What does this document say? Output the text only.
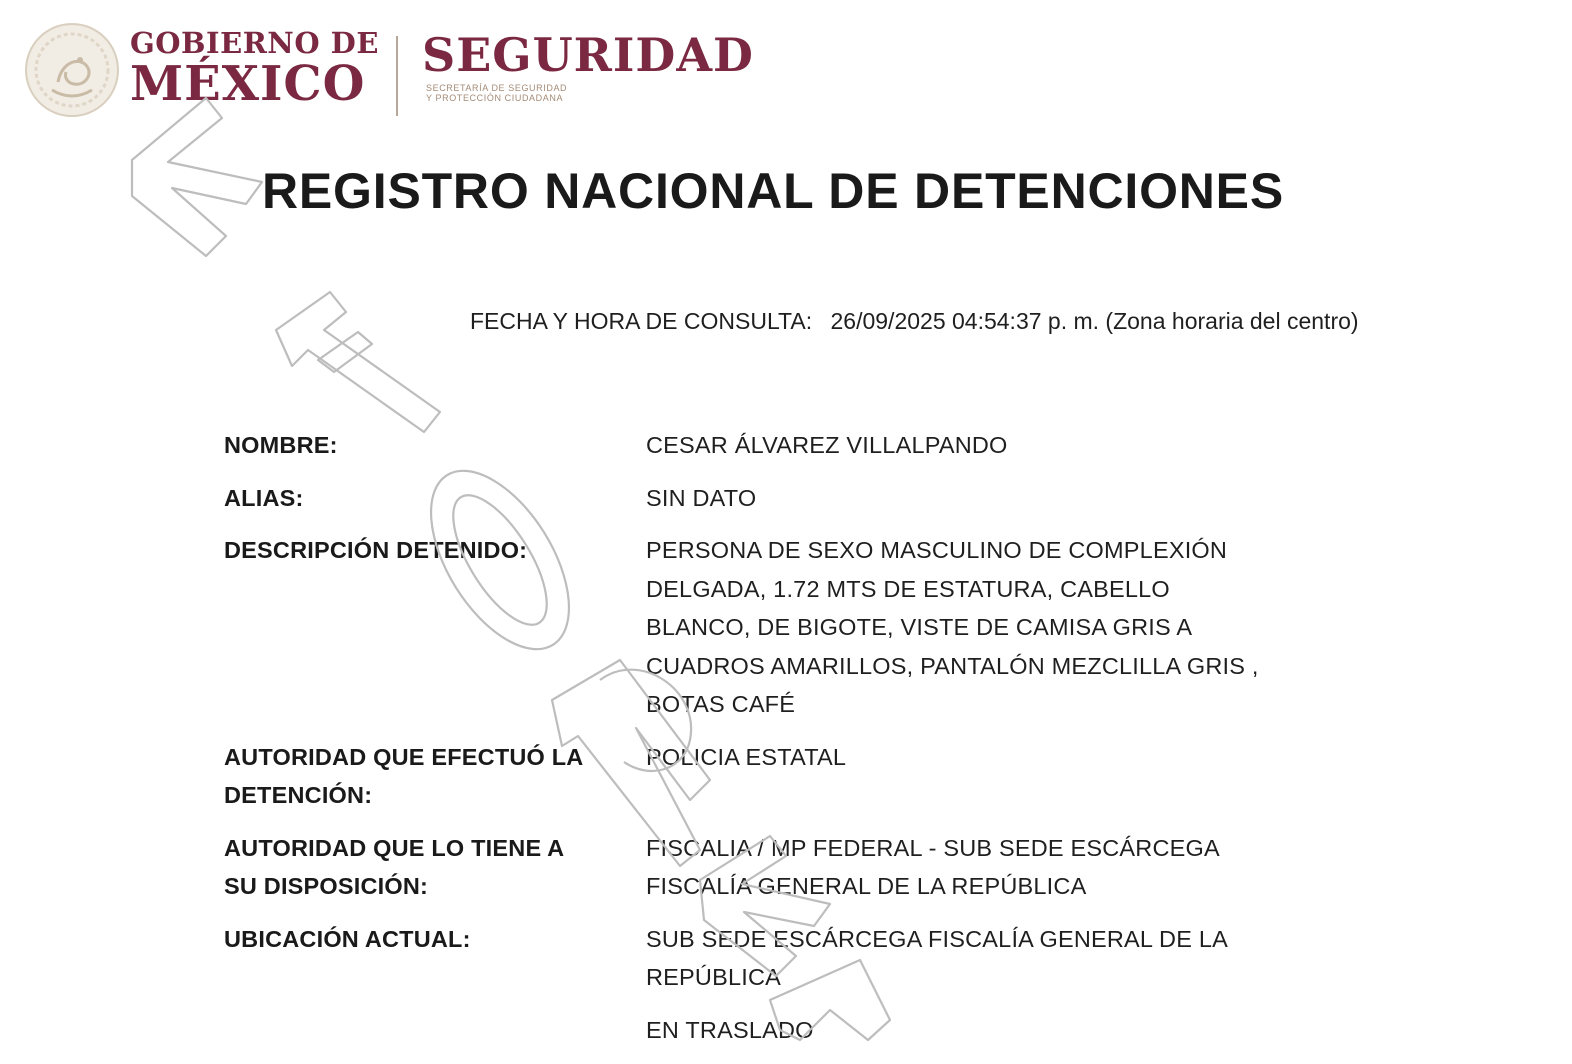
GOBIERNO DE
MÉXICO
SEGURIDAD
SECRETARÍA DE SEGURIDAD
Y PROTECCIÓN CIUDADANA
REGISTRO NACIONAL DE DETENCIONES
FECHA Y HORA DE CONSULTA: 26/09/2025 04:54:37 p. m. (Zona horaria del centro)
NOMBRE:	CESAR ÁLVAREZ VILLALPANDO
ALIAS:	SIN DATO
DESCRIPCIÓN DETENIDO:	PERSONA DE SEXO MASCULINO DE COMPLEXIÓN
DELGADA, 1.72 MTS DE ESTATURA, CABELLO
BLANCO, DE BIGOTE, VISTE DE CAMISA GRIS A
CUADROS AMARILLOS, PANTALÓN MEZCLILLA GRIS ,
BOTAS CAFÉ
AUTORIDAD QUE EFECTUÓ LA
DETENCIÓN:
POLICIA ESTATAL
AUTORIDAD QUE LO TIENE A
SU DISPOSICIÓN:
FISCALIA / MP FEDERAL - SUB SEDE ESCÁRCEGA
FISCALÍA GENERAL DE LA REPÚBLICA
UBICACIÓN ACTUAL:	SUB SEDE ESCÁRCEGA FISCALÍA GENERAL DE LA
REPÚBLICA
EN TRASLADO
